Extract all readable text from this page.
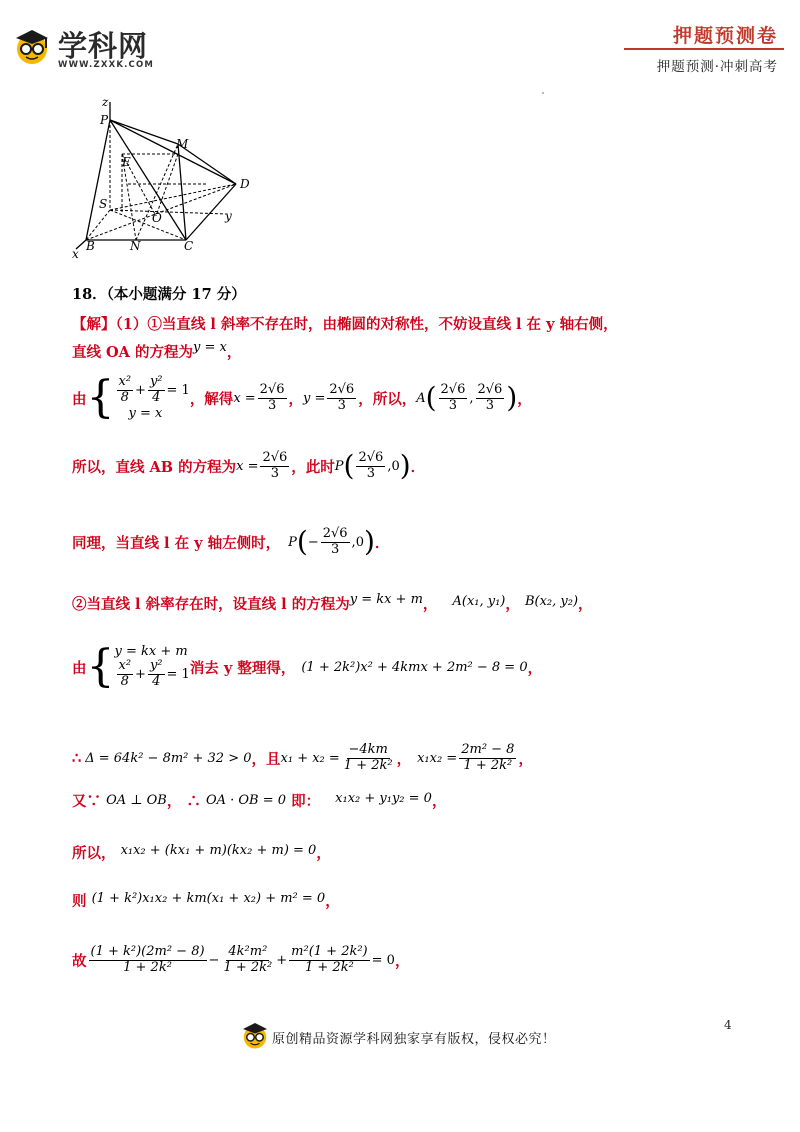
学科网
WWW.ZXXK.COM
押题预测卷
押题预测·冲刺高考
z
P
M
D
E
S
O	y
B	N	C
x
18．（本小题满分 17 分）
【解】（1）①当直线 l 斜率不存在时，由椭圆的对称性，不妨设直线 l 在 y 轴右侧，
直线 OA 的方程为y = x，
由 { $\frac{\text{x²}}{8} + \frac{\text{y²}}{4} = 1$
y = x
，解得 $x = \frac{2√6}{3}$ ， $y = \frac{2√6}{3}$ ，所以， A ( $\frac{2√6}{3}$ , $\frac{2√6}{3}$ ) ，
所以，直线 AB 的方程为 $x = \frac{2√6}{3}$ ，此时 P ( $\frac{2√6}{3}$ , 0 ) ．
同理，当直线 l 在 y 轴左侧时， P ( − $\frac{2√6}{3}$ , 0 ) ．
②当直线 l 斜率存在时，设直线 l 的方程为y = kx + m， A(x₁, y₁)， B(x₂, y₂)，
由 { y = kx + m
$\frac{\text{x²}}{8} + \frac{\text{y²}}{4} = 1$ 消去 y 整理得， (1 + 2k²)x² + 4kmx + 2m² − 8 = 0 ，
∴ Δ = 64k² − 8m² + 32 > 0 ，且 $x_1 + x_2 = \frac{-4km}{\text{1 + 2k²}}$ ， $x_1x_2 = \frac{\text{2m² − 8}}{\text{1 + 2k²}}$ ，
又∵ OA ⊥ OB， ∴ OA · OB = 0 即： x₁x₂ + y₁y₂ = 0，
所以， x₁x₂ + (kx₁ + m)(kx₂ + m) = 0，
则 (1 + k²)x₁x₂ + km(x₁ + x₂) + m² = 0，
故 $\frac{\text{(1 + k²)(2m² − 8)}}{\text{1 + 2k²}} - \frac{\text{4k²m²}}{\text{1 + 2k²}} + \frac{\text{m²(1 + 2k²)}}{\text{1 + 2k²}} = 0$ ，
原创精品资源学科网独家享有版权，侵权必究！
4
